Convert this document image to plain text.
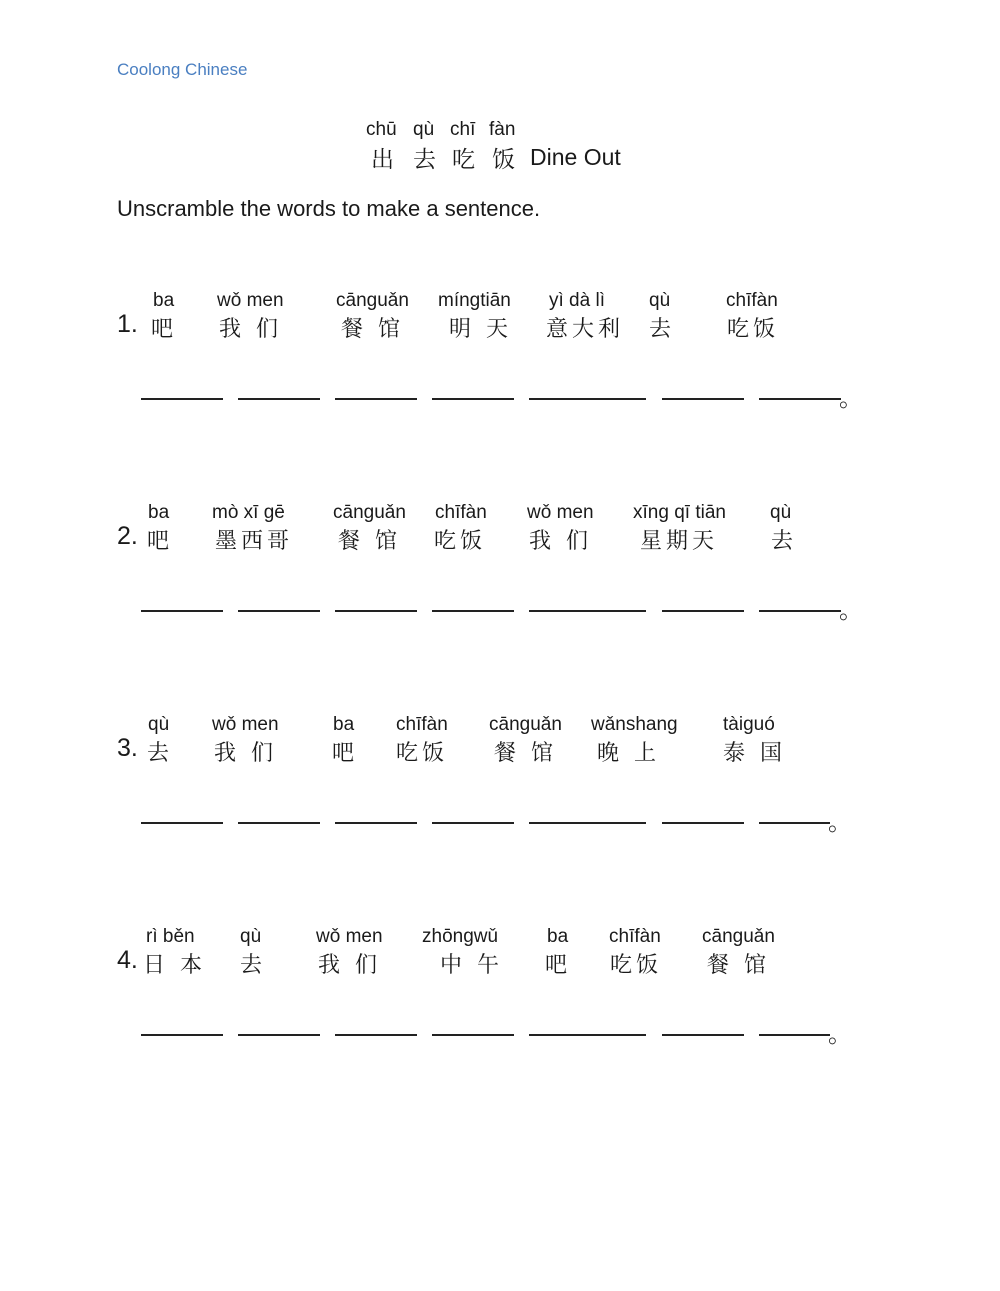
Coolong Chinese
chū qù chī fàn
出 去 吃 饭 Dine Out
Unscramble the words to make a sentence.
1.
ba wǒ men	cānguǎn míngtiān yì dà lì qù	chīfàn
吧 我 们	餐 馆 明 天 意大利 去 吃饭
。
2.
ba mò xī gē	cānguǎn chīfàn wǒ men xīng qī tiān qù
吧 墨西哥 餐 馆 吃饭 我 们 星期天 去
。
3.
qù wǒ men	ba chīfàn cānguǎn wǎnshang tàiguó
去 我 们	吧 吃饭 餐 馆 晚 上	泰 国
。
4.
rì běn qù	wǒ men zhōngwǔ	ba chīfàn cānguǎn
日 本 去 我 们	中 午 吧 吃饭 餐 馆
。
